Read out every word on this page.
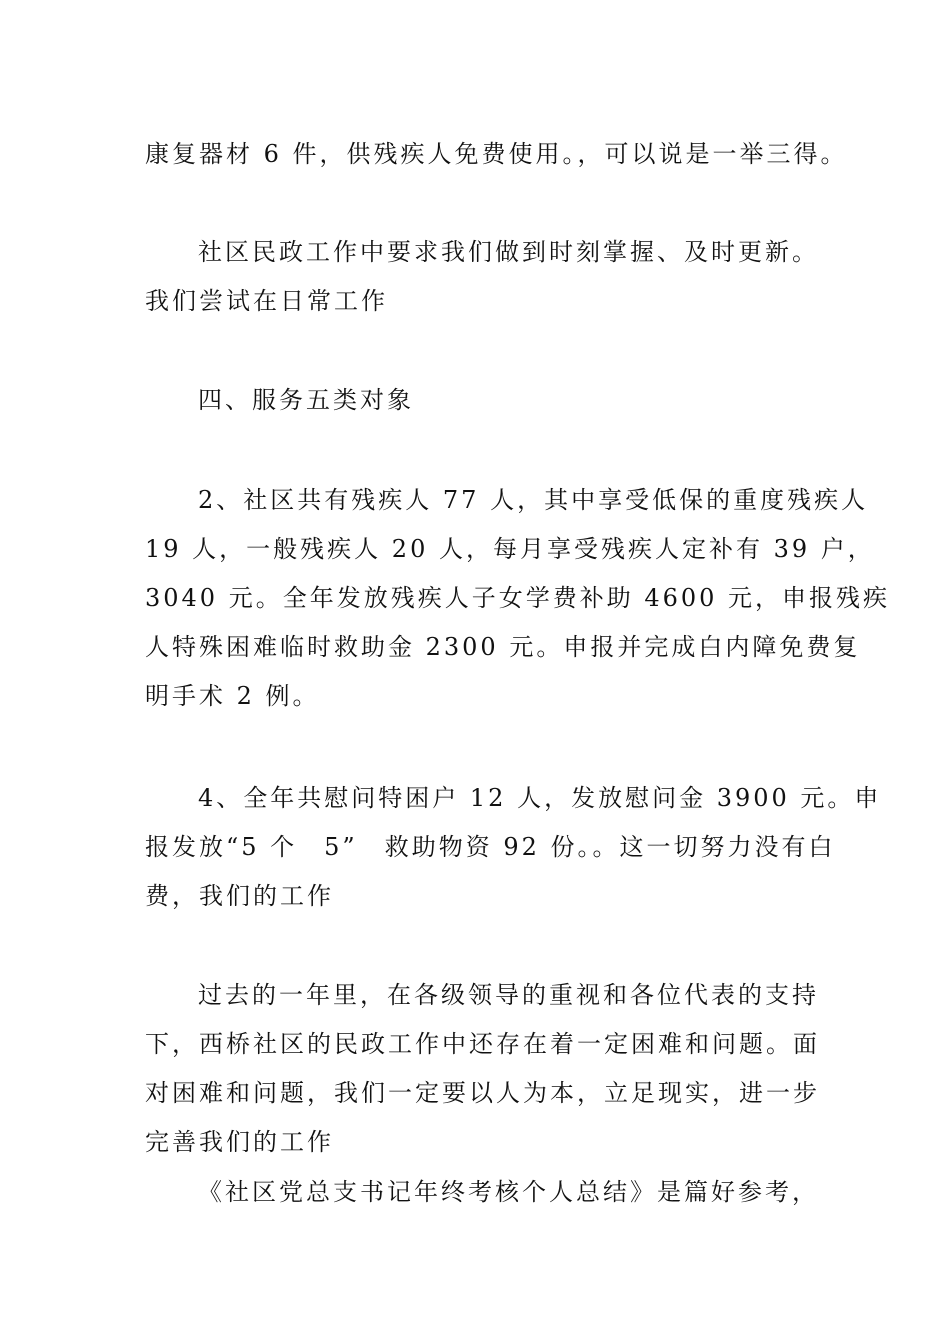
康复器材 6 件，供残疾人免费使用。，可以说是一举三得。

社区民政工作中要求我们做到时刻掌握、及时更新。
我们尝试在日常工作

四、服务五类对象

2、社区共有残疾人 77 人，其中享受低保的重度残疾人
19 人，一般残疾人 20 人，每月享受残疾人定补有 39 户，
3040 元。全年发放残疾人子女学费补助 4600 元，申报残疾
人特殊困难临时救助金 2300 元。申报并完成白内障免费复
明手术 2 例。

4、全年共慰问特困户 12 人，发放慰问金 3900 元。申
报发放“5 个　5”　救助物资 92 份。。这一切努力没有白
费，我们的工作

过去的一年里，在各级领导的重视和各位代表的支持
下，西桥社区的民政工作中还存在着一定困难和问题。面
对困难和问题，我们一定要以人为本，立足现实，进一步
完善我们的工作

《社区党总支书记年终考核个人总结》是篇好参考，
